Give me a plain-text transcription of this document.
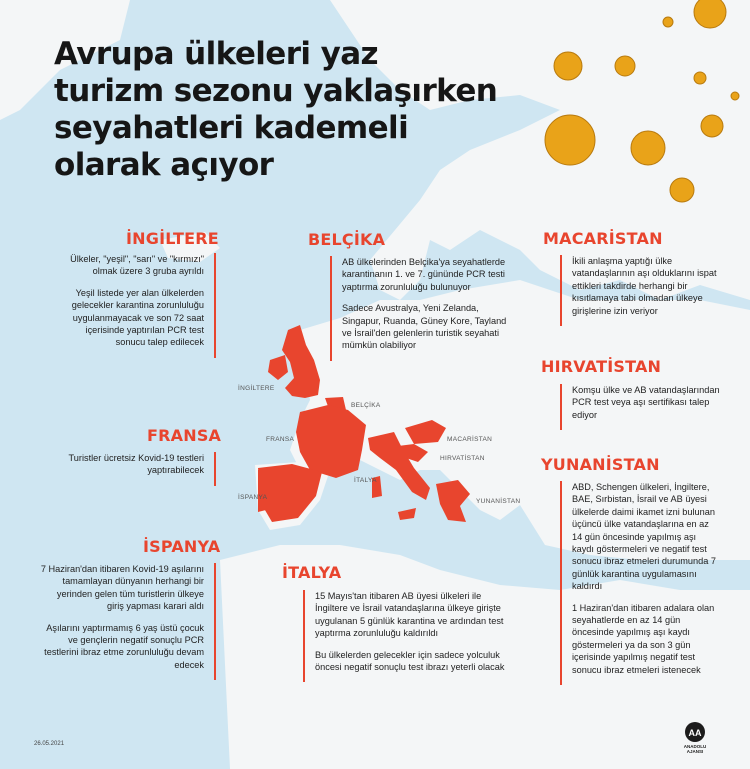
AA
Avrupa ülkeleri yaz
turizm sezonu yaklaşırken
seyahatleri kademeli
olarak açıyor
İNGİLTERE

Ülkeler, "yeşil", "sarı" ve "kırmızı" olmak üzere 3 gruba ayrıldı

Yeşil listede yer alan ülkelerden gelecekler karantina zorunluluğu uygulanmayacak ve son 72 saat içerisinde yaptırılan PCR test sonucu talep edilecek

FRANSA

Turistler ücretsiz Kovid-19 testleri yaptırabilecek

İSPANYA

7 Haziran'dan itibaren Kovid-19 aşılarını tamamlayan dünyanın herhangi bir yerinden gelen tüm turistlerin ülkeye giriş yapması karari aldı

Aşılarını yaptırmamış 6 yaş üstü çocuk ve gençlerin negatif sonuçlu PCR testlerini ibraz etme zorunluluğu devam edecek

BELÇİKA

AB ülkelerinden Belçika'ya seyahatlerde karantinanın 1. ve 7. gününde PCR testi yaptırma zorunluluğu bulunuyor

Sadece Avustralya, Yeni Zelanda, Singapur, Ruanda, Güney Kore, Tayland ve İsrail'den gelenlerin turistik seyahati mümkün olabiliyor

İTALYA

15 Mayıs'tan itibaren AB üyesi ülkeleri ile İngiltere ve İsrail vatandaşlarına ülkeye girişte uygulanan 5 günlük karantina ve ardından test yaptırma zorunluluğu kaldırıldı

Bu ülkelerden gelecekler için sadece yolculuk öncesi negatif sonuçlu test ibrazı yeterli olacak

MACARİSTAN

İkili anlaşma yaptığı ülke vatandaşlarının aşı olduklarını ispat ettikleri takdirde herhangi bir kısıtlamaya tabi olmadan ülkeye girişlerine izin veriyor

HIRVATİSTAN

Komşu ülke ve AB vatandaşlarından PCR test veya aşı sertifikası talep ediyor

YUNANİSTAN

ABD, Schengen ülkeleri, İngiltere, BAE, Sırbistan, İsrail ve AB üyesi ülkelerde daimi ikamet izni bulunan üçüncü ülke vatandaşlarına en az 14 gün öncesinde yapılmış aşı kaydı göstermeleri ve negatif test sonucu ibraz etmeleri durumunda 7 günlük karantina uygulamasını kaldırdı

1 Haziran'dan itibaren adalara olan seyahatlerde en az 14 gün öncesinde yapılmış aşı kaydı göstermeleri ya da son 3 gün içerisinde yapılmış negatif test sonucu ibraz etmeleri istenecek

İNGİLTERE
BELÇİKA
FRANSA
İSPANYA
İTALYA
MACARİSTAN
HIRVATİSTAN
YUNANİSTAN
26.05.2021	ANADOLU AJANSI
